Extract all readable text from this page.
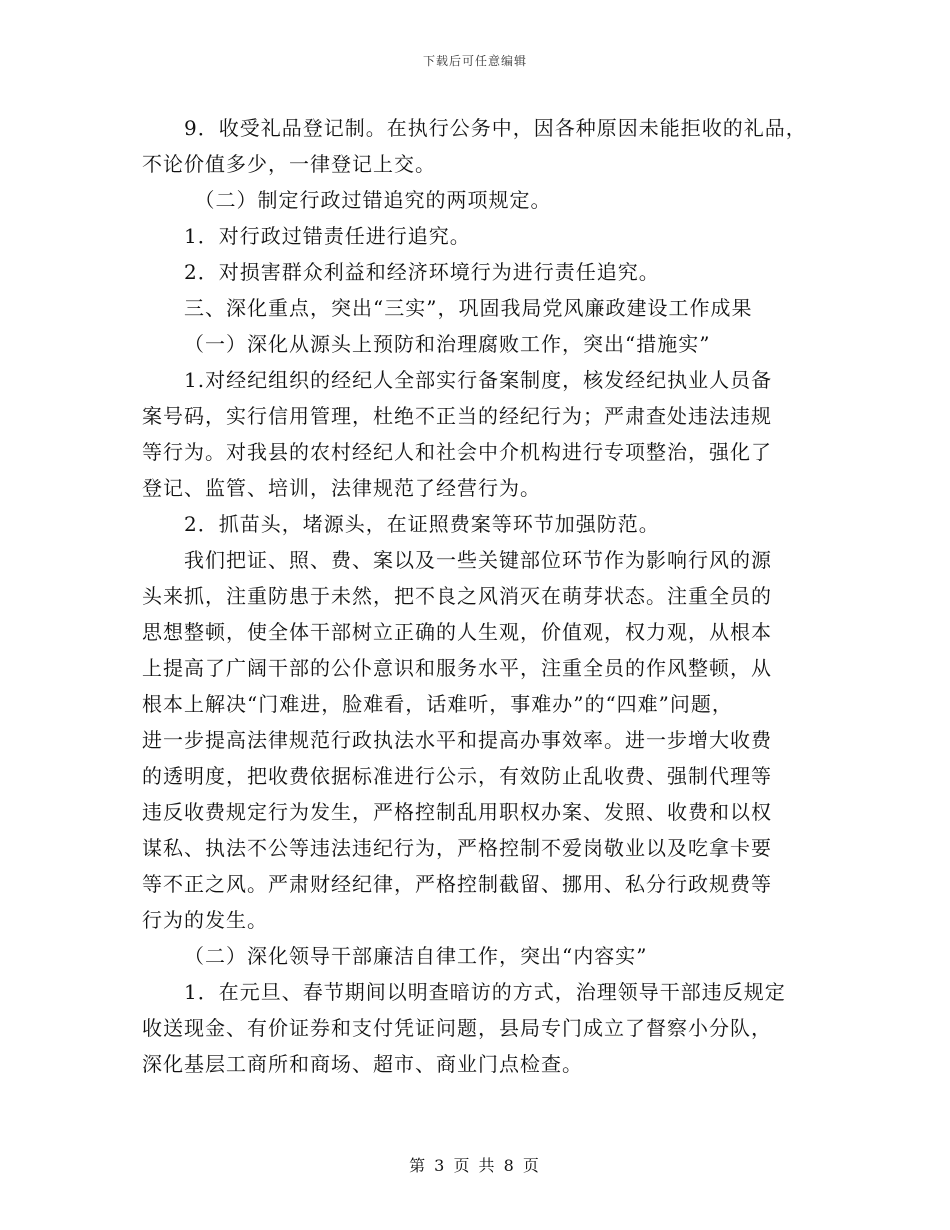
下载后可任意编辑
9．收受礼品登记制。在执行公务中，因各种原因未能拒收的礼品，
不论价值多少，一律登记上交。
（二）制定行政过错追究的两项规定。
1．对行政过错责任进行追究。
2．对损害群众利益和经济环境行为进行责任追究。
三、深化重点，突出“三实”，巩固我局党风廉政建设工作成果
（一）深化从源头上预防和治理腐败工作，突出“措施实”
1.对经纪组织的经纪人全部实行备案制度，核发经纪执业人员备
案号码，实行信用管理，杜绝不正当的经纪行为；严肃查处违法违规
等行为。对我县的农村经纪人和社会中介机构进行专项整治，强化了
登记、监管、培训，法律规范了经营行为。
2．抓苗头，堵源头，在证照费案等环节加强防范。
我们把证、照、费、案以及一些关键部位环节作为影响行风的源
头来抓，注重防患于未然，把不良之风消灭在萌芽状态。注重全员的
思想整顿，使全体干部树立正确的人生观，价值观，权力观，从根本
上提高了广阔干部的公仆意识和服务水平，注重全员的作风整顿，从
根本上解决“门难进，脸难看，话难听，事难办”的“四难”问题，
进一步提高法律规范行政执法水平和提高办事效率。进一步增大收费
的透明度，把收费依据标准进行公示，有效防止乱收费、强制代理等
违反收费规定行为发生，严格控制乱用职权办案、发照、收费和以权
谋私、执法不公等违法违纪行为，严格控制不爱岗敬业以及吃拿卡要
等不正之风。严肃财经纪律，严格控制截留、挪用、私分行政规费等
行为的发生。
（二）深化领导干部廉洁自律工作，突出“内容实”
1．在元旦、春节期间以明查暗访的方式，治理领导干部违反规定
收送现金、有价证券和支付凭证问题，县局专门成立了督察小分队，
深化基层工商所和商场、超市、商业门点检查。
第 3 页 共 8 页
